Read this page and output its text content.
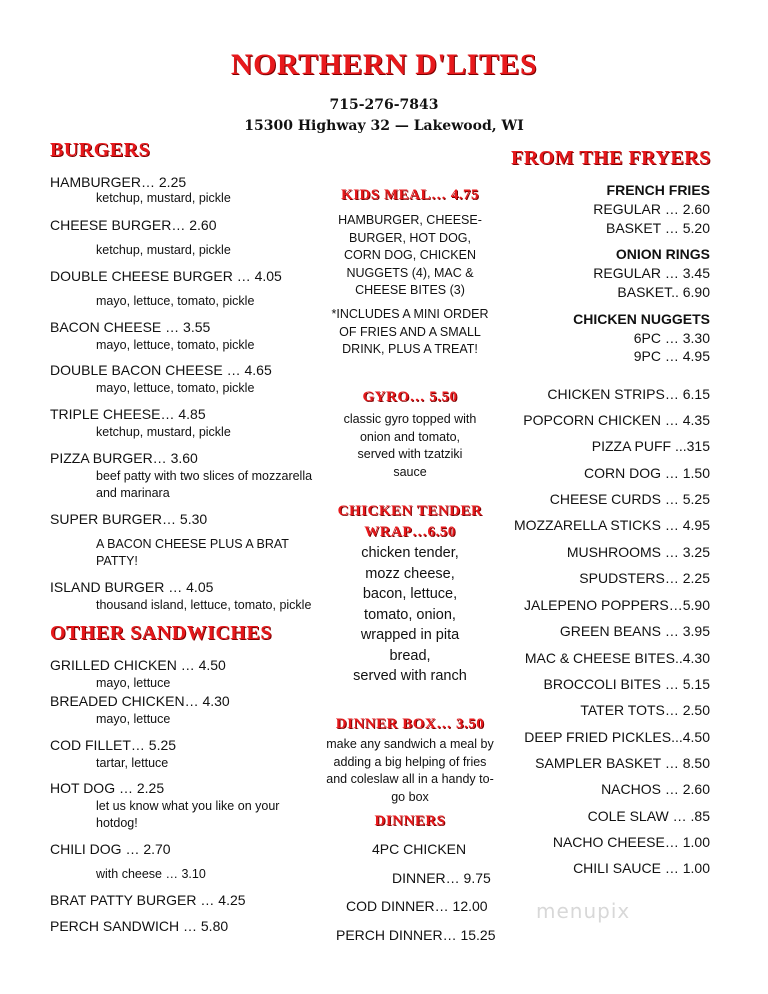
NORTHERN D'LITES
715-276-7843
15300 Highway 32 — Lakewood, WI
BURGERS
HAMBURGER… 2.25
ketchup, mustard, pickle
CHEESE BURGER… 2.60
ketchup, mustard, pickle
DOUBLE CHEESE BURGER … 4.05
mayo, lettuce, tomato, pickle
BACON CHEESE … 3.55
mayo, lettuce, tomato, pickle
DOUBLE BACON CHEESE … 4.65
mayo, lettuce, tomato, pickle
TRIPLE CHEESE… 4.85
ketchup, mustard, pickle
PIZZA BURGER… 3.60
beef patty with two slices of mozzarella
and marinara
SUPER BURGER… 5.30
A BACON CHEESE PLUS A BRAT
PATTY!
ISLAND BURGER … 4.05
thousand island, lettuce, tomato, pickle
OTHER SANDWICHES
GRILLED CHICKEN … 4.50
mayo, lettuce
BREADED CHICKEN… 4.30
mayo, lettuce
COD FILLET… 5.25
tartar, lettuce
HOT DOG … 2.25
let us know what you like on your
hotdog!
CHILI DOG … 2.70
with cheese … 3.10
BRAT PATTY BURGER … 4.25
PERCH SANDWICH … 5.80
KIDS MEAL… 4.75
HAMBURGER, CHEESE-
BURGER, HOT DOG,
CORN DOG, CHICKEN
NUGGETS (4), MAC &
CHEESE BITES (3)
*INCLUDES A MINI ORDER
OF FRIES AND A SMALL
DRINK, PLUS A TREAT!
GYRO… 5.50
classic gyro topped with
onion and tomato,
served with tzatziki
sauce
CHICKEN TENDER
WRAP…6.50
chicken tender,
mozz cheese,
bacon, lettuce,
tomato, onion,
wrapped in pita
bread,
served with ranch
DINNER BOX… 3.50
make any sandwich a meal by
adding a big helping of fries
and coleslaw all in a handy to-
go box
DINNERS
4PC CHICKEN
DINNER… 9.75
COD DINNER… 12.00
PERCH DINNER… 15.25
FROM THE FRYERS
FRENCH FRIES
REGULAR … 2.60
BASKET … 5.20
ONION RINGS
REGULAR … 3.45
BASKET.. 6.90
CHICKEN NUGGETS
6PC … 3.30
9PC … 4.95
CHICKEN STRIPS… 6.15
POPCORN CHICKEN … 4.35
PIZZA PUFF ...315
CORN DOG … 1.50
CHEESE CURDS … 5.25
MOZZARELLA STICKS … 4.95
MUSHROOMS … 3.25
SPUDSTERS… 2.25
JALEPENO POPPERS…5.90
GREEN BEANS … 3.95
MAC & CHEESE BITES..4.30
BROCCOLI BITES … 5.15
TATER TOTS… 2.50
DEEP FRIED PICKLES...4.50
SAMPLER BASKET … 8.50
NACHOS … 2.60
COLE SLAW … .85
NACHO CHEESE… 1.00
CHILI SAUCE … 1.00
menupix
